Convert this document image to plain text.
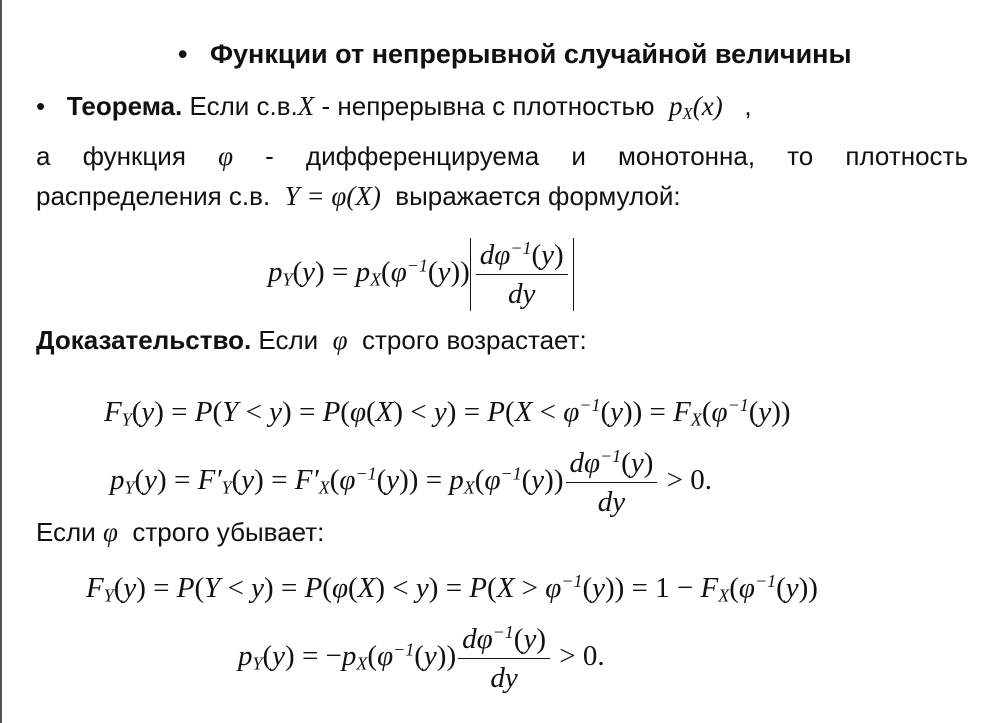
• Функции от непрерывной случайной величины
• Теорема. Если с.в.X - непрерывна с плотностью $p_X(x)$ ,
а функция φ - дифференцируема и монотонна, то плотность
распределения с.в. Y = φ(X) выражается формулой:
$p_Y(y) = p_X(\varphi^{-1}(y)) \frac{d\varphi^{-1}(y)}{dy}$
Доказательство. Если φ строго возрастает:
$F_Y(y) = P(Y < y) = P(\varphi(X) < y) = P(X < \varphi^{-1}(y)) = F_X(\varphi^{-1}(y))$
$p_Y(y) = F'_Y(y) = F'_X(\varphi^{-1}(y)) = p_X(\varphi^{-1}(y)) \frac{d\varphi^{-1}(y)}{dy} > 0$.
Если φ строго убывает:
$F_Y(y) = P(Y < y) = P(\varphi(X) < y) = P(X > \varphi^{-1}(y)) = 1 - F_X(\varphi^{-1}(y))$
$p_Y(y) = -p_X(\varphi^{-1}(y)) \frac{d\varphi^{-1}(y)}{dy} > 0$.
